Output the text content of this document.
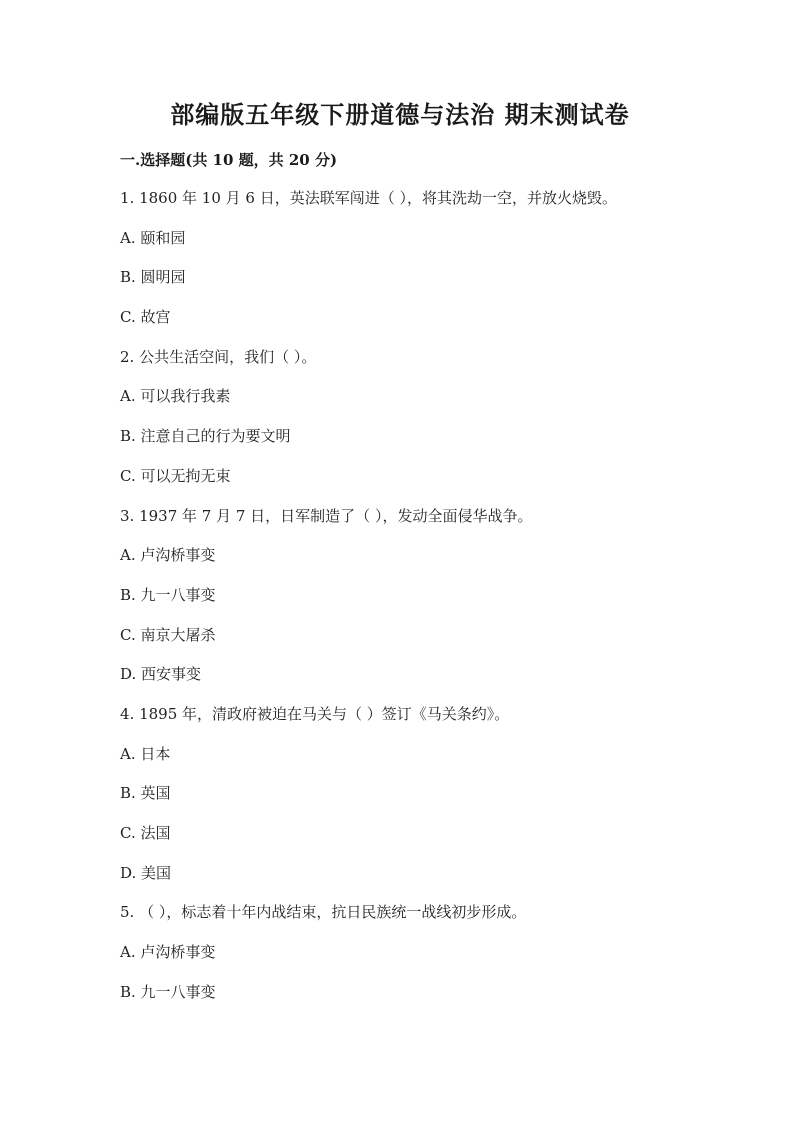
部编版五年级下册道德与法治 期末测试卷
一.选择题(共 10 题，共 20 分)
1. 1860 年 10 月 6 日，英法联军闯进（ ），将其洗劫一空，并放火烧毁。
A. 颐和园
B. 圆明园
C. 故宫
2. 公共生活空间，我们（ ）。
A. 可以我行我素
B. 注意自己的行为要文明
C. 可以无拘无束
3. 1937 年 7 月 7 日，日军制造了（ ），发动全面侵华战争。
A. 卢沟桥事变
B. 九一八事变
C. 南京大屠杀
D. 西安事变
4. 1895 年，清政府被迫在马关与（ ）签订《马关条约》。
A. 日本
B. 英国
C. 法国
D. 美国
5. （ ），标志着十年内战结束，抗日民族统一战线初步形成。
A. 卢沟桥事变
B. 九一八事变
